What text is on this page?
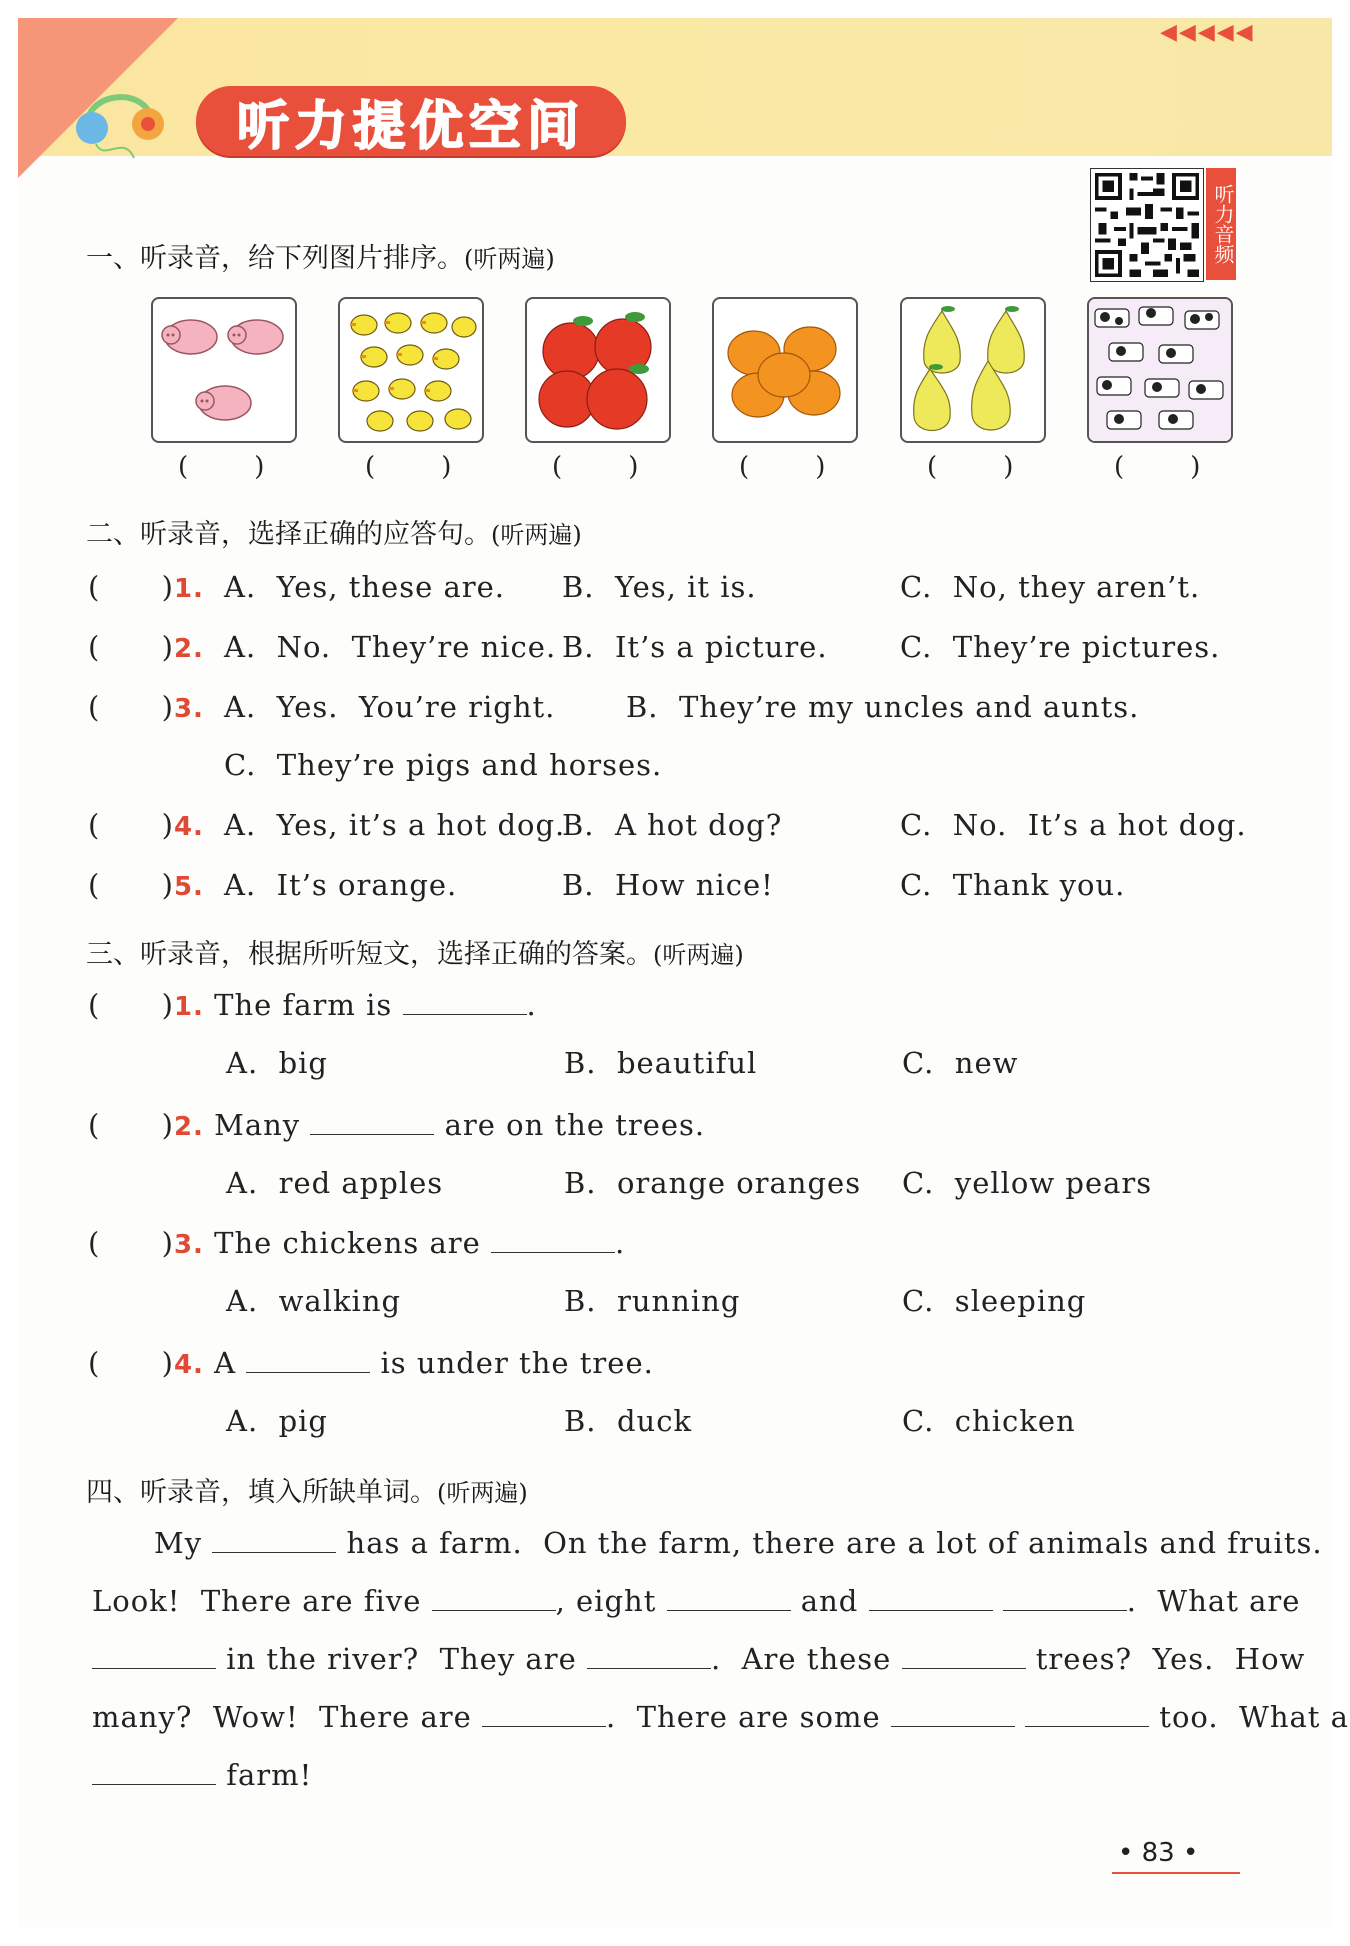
听力提优空间
◀◀◀◀◀
听力音频
一、听录音，给下列图片排序。(听两遍)
(        )	(        )	(        )	(        )	(        )	(        )
二、听录音，选择正确的应答句。(听两遍)
(      )1. A.  Yes, these are. B.  Yes, it is.	C.  No, they aren’t.
(      )2. A.  No.  They’re nice. B.  It’s a picture. C.  They’re pictures.
(      )3. A.  Yes.  You’re right. B.  They’re my uncles and aunts.
C.  They’re pigs and horses.
(      )4. A.  Yes, it’s a hot dog.
B.  A hot dog?	C.  No.  It’s a hot dog.
(      )5. A.  It’s orange.	B.  How nice!	C.  Thank you.
三、听录音，根据所听短文，选择正确的答案。(听两遍)
(      )1. The farm is	.
A.  big	B.  beautiful	C.  new
(      )2. Many	are on the trees.
A.  red apples	B.  orange oranges C.  yellow pears
(      )3. The chickens are	.
A.  walking	B.  running	C.  sleeping
(      )4. A	is under the tree.
A.  pig	B.  duck	C.  chicken
四、听录音，填入所缺单词。(听两遍)
My	has a farm.  On the farm, there are a lot of animals and fruits.
Look!  There are five	, eight	and	.  What are
in the river?  They are	.  Are these	trees?  Yes.  How
many?  Wow!  There are	.  There are some	too.  What a
farm!
• 83 •
